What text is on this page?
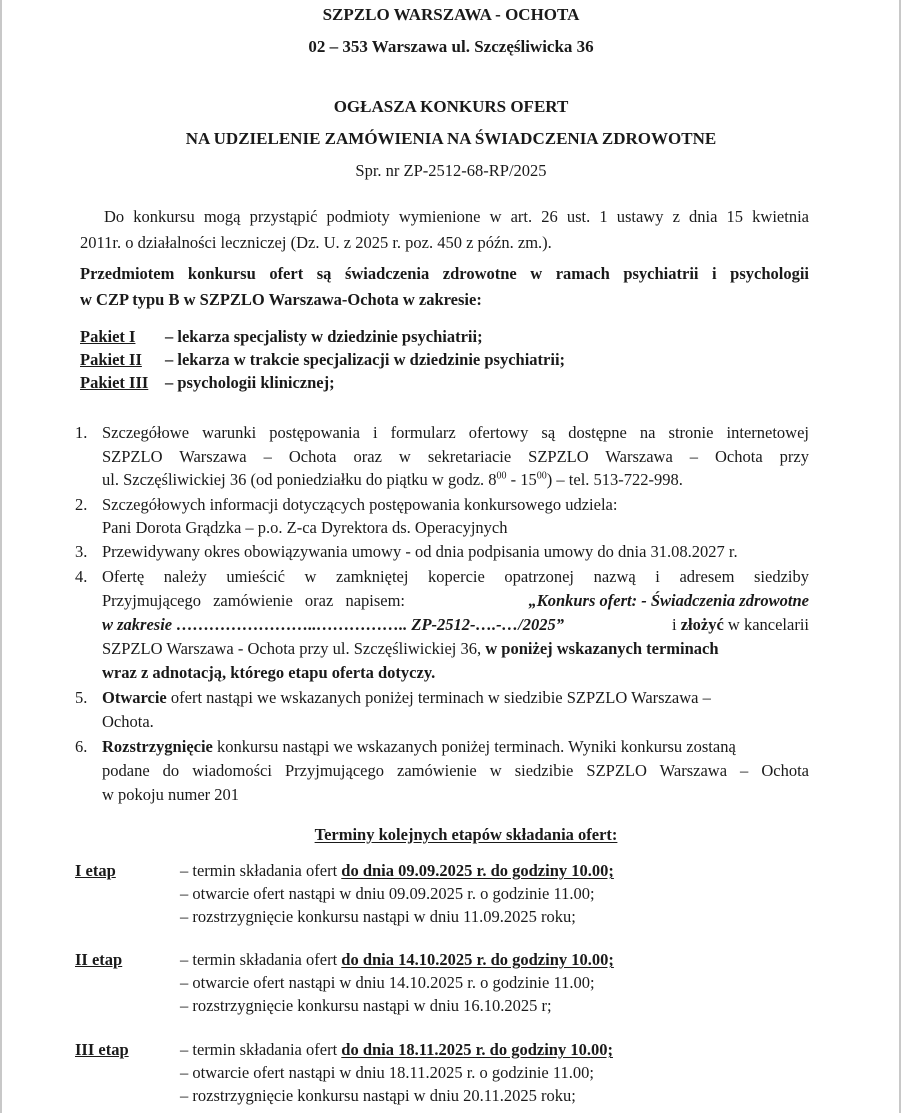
SZPZLO WARSZAWA - OCHOTA
02 – 353 Warszawa ul. Szczęśliwicka 36
OGŁASZA KONKURS OFERT
NA UDZIELENIE ZAMÓWIENIA NA ŚWIADCZENIA ZDROWOTNE
Spr. nr ZP-2512-68-RP/2025
Do konkursu mogą przystąpić podmioty wymienione w art. 26 ust. 1 ustawy z dnia 15 kwietnia
2011r. o działalności leczniczej (Dz. U. z 2025 r. poz. 450 z późn. zm.).
Przedmiotem konkursu ofert są świadczenia zdrowotne w ramach psychiatrii i psychologii
w CZP typu B w SZPZLO Warszawa-Ochota w zakresie:
Pakiet I – lekarza specjalisty w dziedzinie psychiatrii;
Pakiet II – lekarza w trakcie specjalizacji w dziedzinie psychiatrii;
Pakiet III – psychologii klinicznej;
1. Szczegółowe warunki postępowania i formularz ofertowy są dostępne na stronie internetowej
SZPZLO Warszawa – Ochota oraz w sekretariacie SZPZLO Warszawa – Ochota przy
ul. Szczęśliwickiej 36 (od poniedziałku do piątku w godz. $8^{00} - 15^{00}$) – tel. 513-722-998.
2. Szczegółowych informacji dotyczących postępowania konkursowego udziela:
Pani Dorota Grądzka – p.o. Z-ca Dyrektora ds. Operacyjnych
3. Przewidywany okres obowiązywania umowy - od dnia podpisania umowy do dnia 31.08.2027 r.
4. Ofertę należy umieścić w zamkniętej kopercie opatrzonej nazwą i adresem siedziby
Przyjmującego zamówienie oraz napisem:	„Konkurs ofert: - Świadczenia zdrowotne
w zakresie ……………………..…………….. ZP-2512-….-…/2025”	i złożyć w kancelarii
SZPZLO Warszawa - Ochota przy ul. Szczęśliwickiej 36, w poniżej wskazanych terminach
wraz z adnotacją, którego etapu oferta dotyczy.
5. Otwarcie ofert nastąpi we wskazanych poniżej terminach w siedzibie SZPZLO Warszawa –
Ochota.
6. Rozstrzygnięcie konkursu nastąpi we wskazanych poniżej terminach. Wyniki konkursu zostaną
podane do wiadomości Przyjmującego zamówienie w siedzibie SZPZLO Warszawa – Ochota
w pokoju numer 201
Terminy kolejnych etapów składania ofert:
I etap	– termin składania ofert do dnia 09.09.2025 r. do godziny 10.00;
– otwarcie ofert nastąpi w dniu 09.09.2025 r. o godzinie 11.00;
– rozstrzygnięcie konkursu nastąpi w dniu 11.09.2025 roku;
II etap	– termin składania ofert do dnia 14.10.2025 r. do godziny 10.00;
– otwarcie ofert nastąpi w dniu 14.10.2025 r. o godzinie 11.00;
– rozstrzygnięcie konkursu nastąpi w dniu 16.10.2025 r;
III etap	– termin składania ofert do dnia 18.11.2025 r. do godziny 10.00;
– otwarcie ofert nastąpi w dniu 18.11.2025 r. o godzinie 11.00;
– rozstrzygnięcie konkursu nastąpi w dniu 20.11.2025 roku;
